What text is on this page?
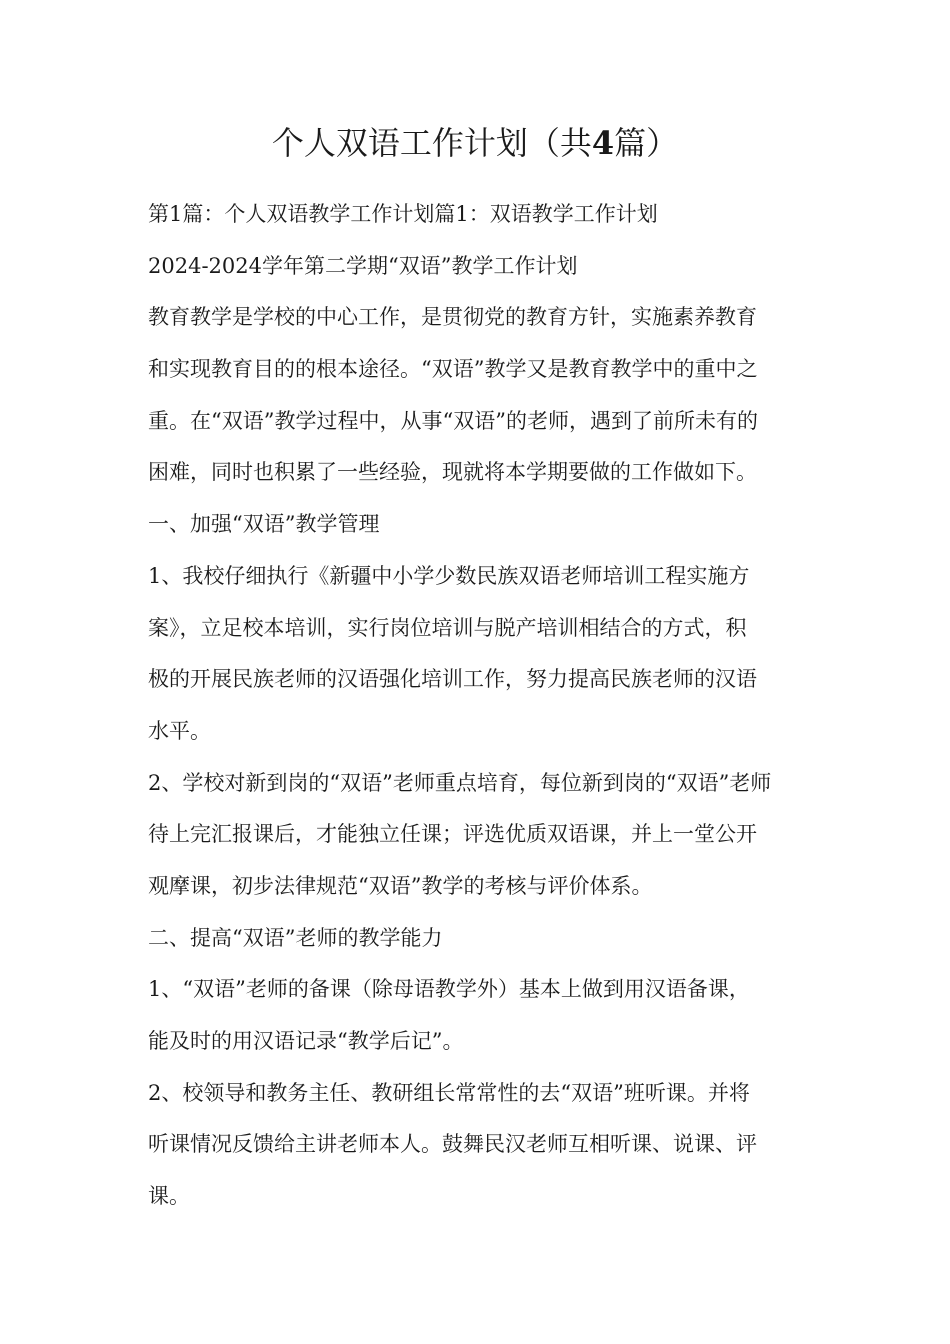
个人双语工作计划（共4篇）

第1篇：个人双语教学工作计划篇1：双语教学工作计划

2024-2024学年第二学期“双语”教学工作计划

教育教学是学校的中心工作，是贯彻党的教育方针，实施素养教育

和实现教育目的的根本途径。“双语”教学又是教育教学中的重中之

重。在“双语”教学过程中，从事“双语”的老师，遇到了前所未有的

困难，同时也积累了一些经验，现就将本学期要做的工作做如下。

一、加强“双语”教学管理

1、我校仔细执行《新疆中小学少数民族双语老师培训工程实施方

案》，立足校本培训，实行岗位培训与脱产培训相结合的方式，积

极的开展民族老师的汉语强化培训工作，努力提高民族老师的汉语

水平。

2、学校对新到岗的“双语”老师重点培育，每位新到岗的“双语”老师

待上完汇报课后，才能独立任课；评选优质双语课，并上一堂公开

观摩课，初步法律规范“双语”教学的考核与评价体系。

二、提高“双语”老师的教学能力

1、“双语”老师的备课（除母语教学外）基本上做到用汉语备课，

能及时的用汉语记录“教学后记”。

2、校领导和教务主任、教研组长常常性的去“双语”班听课。并将

听课情况反馈给主讲老师本人。鼓舞民汉老师互相听课、说课、评

课。
